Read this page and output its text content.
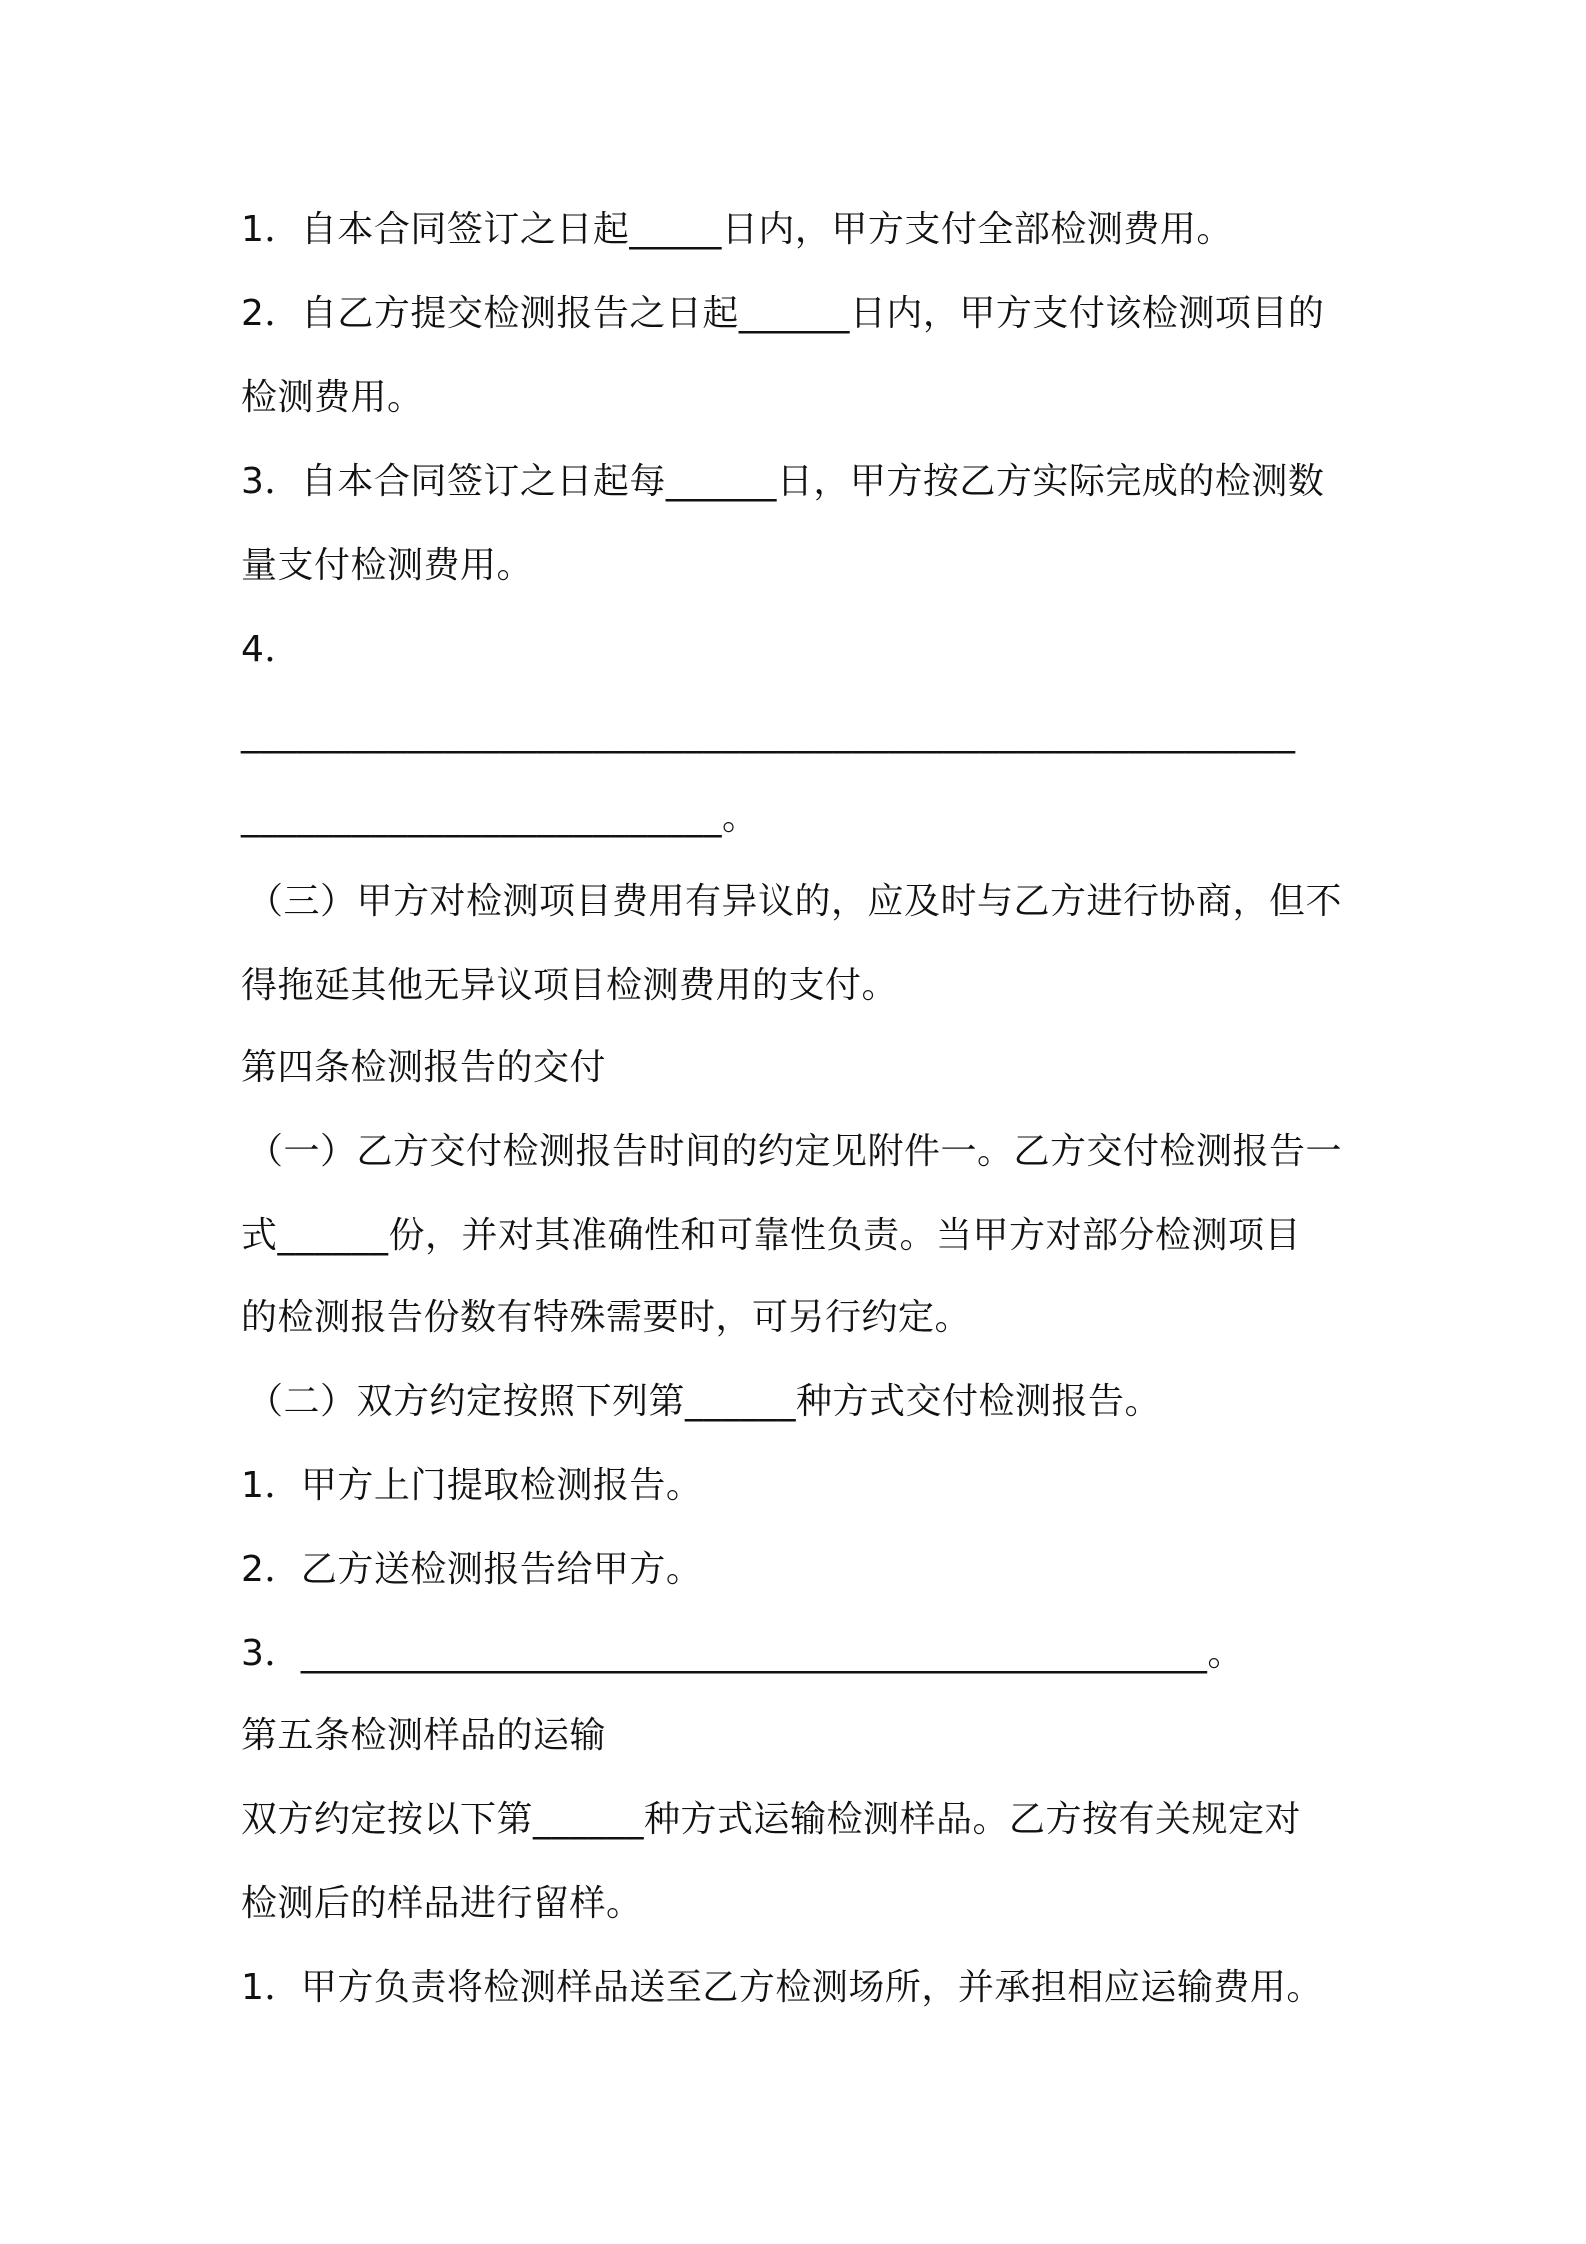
1．自本合同签订之日起_____日内，甲方支付全部检测费用。
2．自乙方提交检测报告之日起______日内，甲方支付该检测项目的
检测费用。
3．自本合同签订之日起每______日，甲方按乙方实际完成的检测数
量支付检测费用。
4．
_________________________________________________________
__________________________。
（三）甲方对检测项目费用有异议的，应及时与乙方进行协商，但不
得拖延其他无异议项目检测费用的支付。
第四条检测报告的交付
（一）乙方交付检测报告时间的约定见附件一。乙方交付检测报告一
式______份，并对其准确性和可靠性负责。当甲方对部分检测项目
的检测报告份数有特殊需要时，可另行约定。
（二）双方约定按照下列第______种方式交付检测报告。
1．甲方上门提取检测报告。
2．乙方送检测报告给甲方。
3．_________________________________________________。
第五条检测样品的运输
双方约定按以下第______种方式运输检测样品。乙方按有关规定对
检测后的样品进行留样。
1．甲方负责将检测样品送至乙方检测场所，并承担相应运输费用。
